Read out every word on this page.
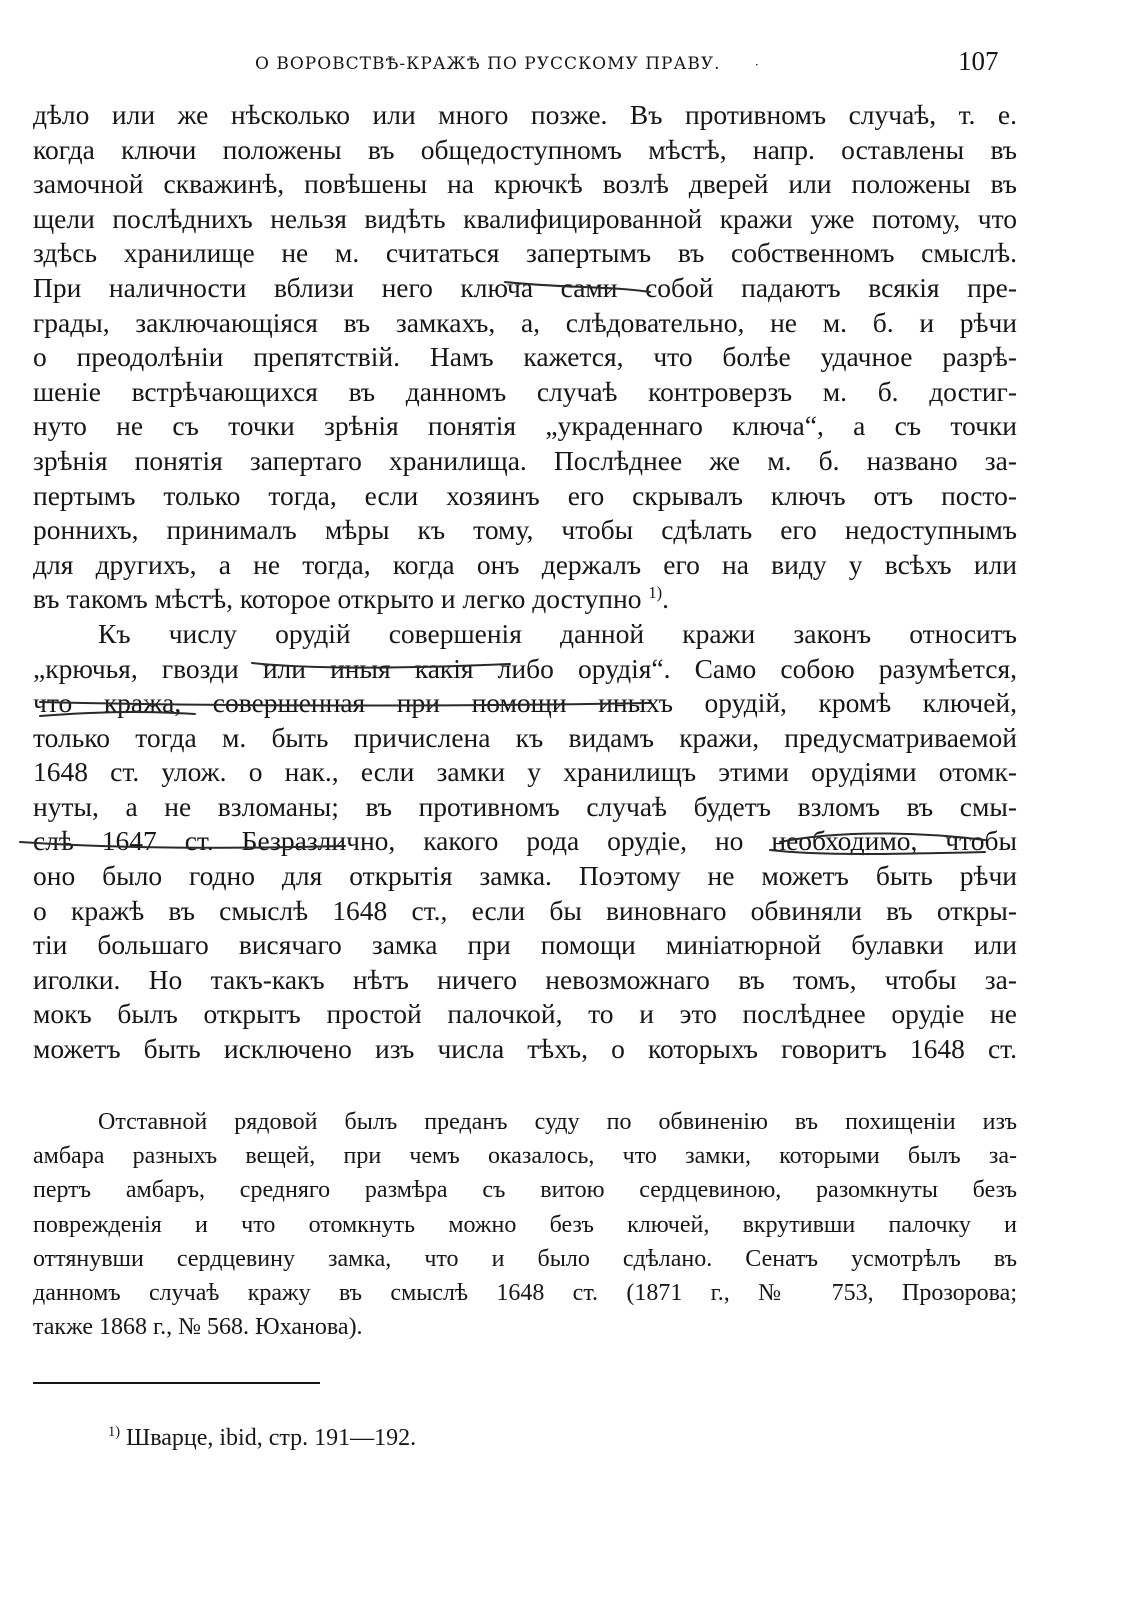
О ВОРОВСТВѢ-КРАЖѢ ПО РУССКОМУ ПРАВУ.	·	107
дѣло или же нѣсколько или много позже. Въ противномъ случаѣ, т. е.
когда ключи положены въ общедоступномъ мѣстѣ, напр. оставлены въ
замочной скважинѣ, повѣшены на крючкѣ возлѣ дверей или положены въ
щели послѣднихъ нельзя видѣть квалифицированной кражи уже потому, что
здѣсь хранилище не м. считаться запертымъ въ собственномъ смыслѣ.
При наличности вблизи него ключа сами собой падаютъ всякія пре-
грады, заключающіяся въ замкахъ, а, слѣдовательно, не м. б. и рѣчи
о преодолѣніи препятствій. Намъ кажется, что болѣе удачное разрѣ-
шеніе встрѣчающихся въ данномъ случаѣ контроверзъ м. б. достиг-
нуто не съ точки зрѣнія понятія „украденнаго ключа“, а съ точки
зрѣнія понятія запертаго хранилища. Послѣднее же м. б. названо за-
пертымъ только тогда, если хозяинъ его скрывалъ ключъ отъ посто-
роннихъ, принималъ мѣры къ тому, чтобы сдѣлать его недоступнымъ
для другихъ, а не тогда, когда онъ держалъ его на виду у всѣхъ или
въ такомъ мѣстѣ, которое открыто и легко доступно $^{1)}$.
Къ числу орудій совершенія данной кражи законъ относитъ
„крючья, гвозди или иныя какія либо орудія“. Само собою разумѣется,
что кража, совершенная при помощи иныхъ орудій, кромѣ ключей,
только тогда м. быть причислена къ видамъ кражи, предусматриваемой
1648 ст. улож. о нак., если замки у хранилищъ этими орудіями отомк-
нуты, а не взломаны; въ противномъ случаѣ будетъ взломъ въ смы-
слѣ 1647 ст. Безразлично, какого рода орудіе, но необходимо, чтобы
оно было годно для открытія замка. Поэтому не можетъ быть рѣчи
о кражѣ въ смыслѣ 1648 ст., если бы виновнаго обвиняли въ откры-
тіи большаго висячаго замка при помощи миніатюрной булавки или
иголки. Но такъ-какъ нѣтъ ничего невозможнаго въ томъ, чтобы за-
мокъ былъ открытъ простой палочкой, то и это послѣднее орудіе не
можетъ быть исключено изъ числа тѣхъ, о которыхъ говоритъ 1648 ст.
Отставной рядовой былъ преданъ суду по обвиненію въ похищеніи изъ
амбара разныхъ вещей, при чемъ оказалось, что замки, которыми былъ за-
пертъ амбаръ, средняго размѣра съ витою сердцевиною, разомкнуты безъ
поврежденія и что отомкнуть можно безъ ключей, вкрутивши палочку и
оттянувши сердцевину замка, что и было сдѣлано. Сенатъ усмотрѣлъ въ
данномъ случаѣ кражу въ смыслѣ 1648 ст. (1871 г., № 753, Прозорова;
также 1868 г., № 568. Юханова).
$^{1)}$ Шварце, ibid, стр. 191—192.
